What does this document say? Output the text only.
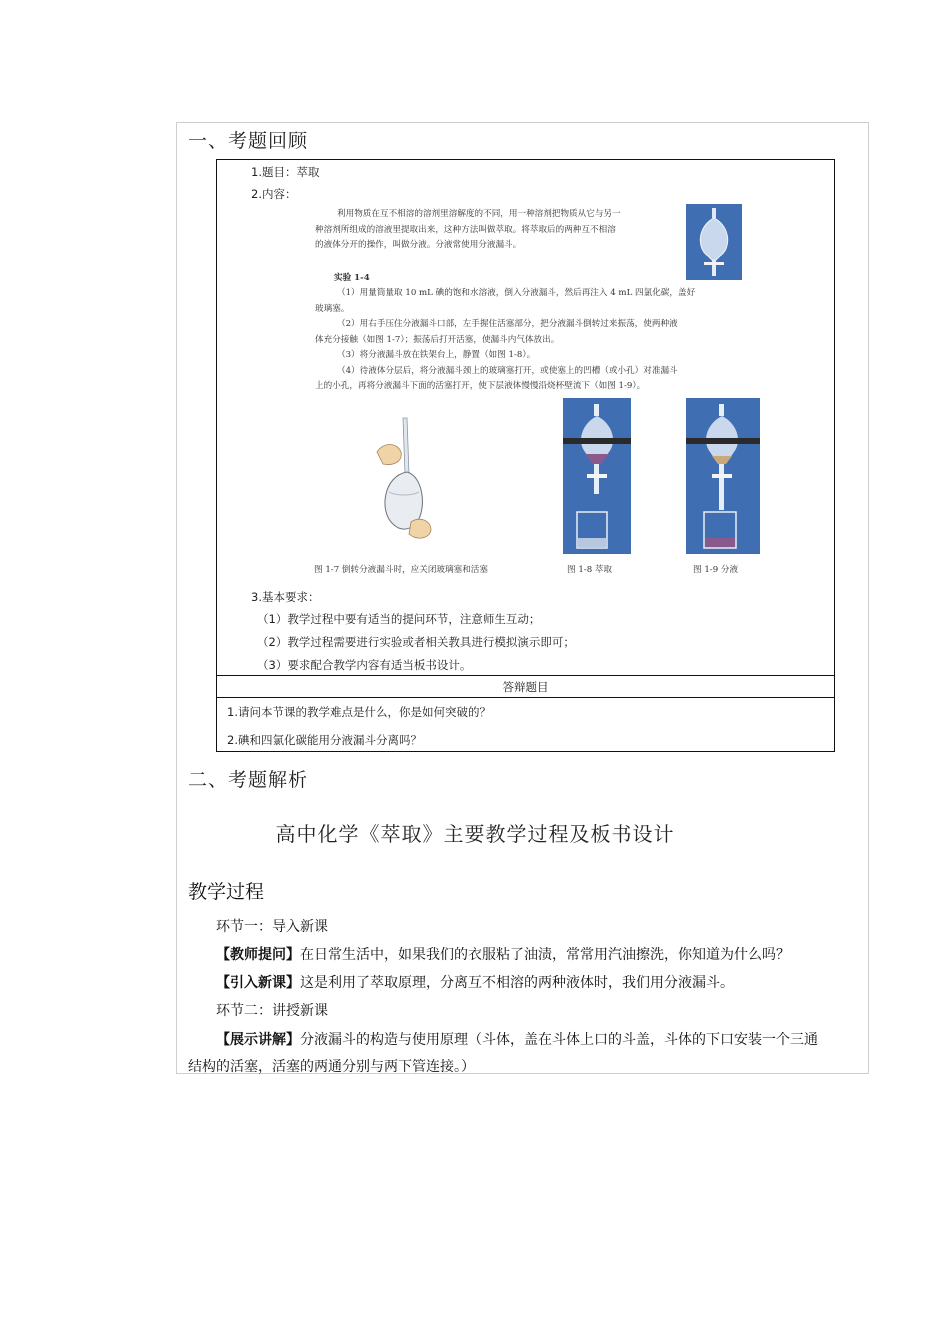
一、考题回顾
1.题目：萃取
2.内容：
利用物质在互不相溶的溶剂里溶解度的不同，用一种溶剂把物质从它与另一
种溶剂所组成的溶液里提取出来，这种方法叫做萃取。将萃取后的两种互不相溶
的液体分开的操作，叫做分液。分液常使用分液漏斗。
实验 1-4
（1）用量筒量取 10 mL 碘的饱和水溶液，倒入分液漏斗，然后再注入 4 mL 四氯化碳，盖好
玻璃塞。
（2）用右手压住分液漏斗口部，左手握住活塞部分，把分液漏斗倒转过来振荡，使两种液
体充分接触（如图 1-7）；振荡后打开活塞，使漏斗内气体放出。
（3）将分液漏斗放在铁架台上，静置（如图 1-8）。
（4）待液体分层后，将分液漏斗颈上的玻璃塞打开，或使塞上的凹槽（或小孔）对准漏斗
上的小孔，再将分液漏斗下面的活塞打开，使下层液体慢慢沿烧杯壁流下（如图 1-9）。
图 1-7 倒转分液漏斗时，应关闭玻璃塞和活塞	图 1-8 萃取	图 1-9 分液
3.基本要求：
（1）教学过程中要有适当的提问环节，注意师生互动；
（2）教学过程需要进行实验或者相关教具进行模拟演示即可；
（3）要求配合教学内容有适当板书设计。
答辩题目
1.请问本节课的教学难点是什么，你是如何突破的？
2.碘和四氯化碳能用分液漏斗分离吗？
二、考题解析
高中化学《萃取》主要教学过程及板书设计
教学过程
环节一：导入新课
【教师提问】在日常生活中，如果我们的衣服粘了油渍，常常用汽油擦洗，你知道为什么吗？
【引入新课】这是利用了萃取原理，分离互不相溶的两种液体时，我们用分液漏斗。
环节二：讲授新课
【展示讲解】分液漏斗的构造与使用原理（斗体，盖在斗体上口的斗盖，斗体的下口安装一个三通
结构的活塞，活塞的两通分别与两下管连接。）
